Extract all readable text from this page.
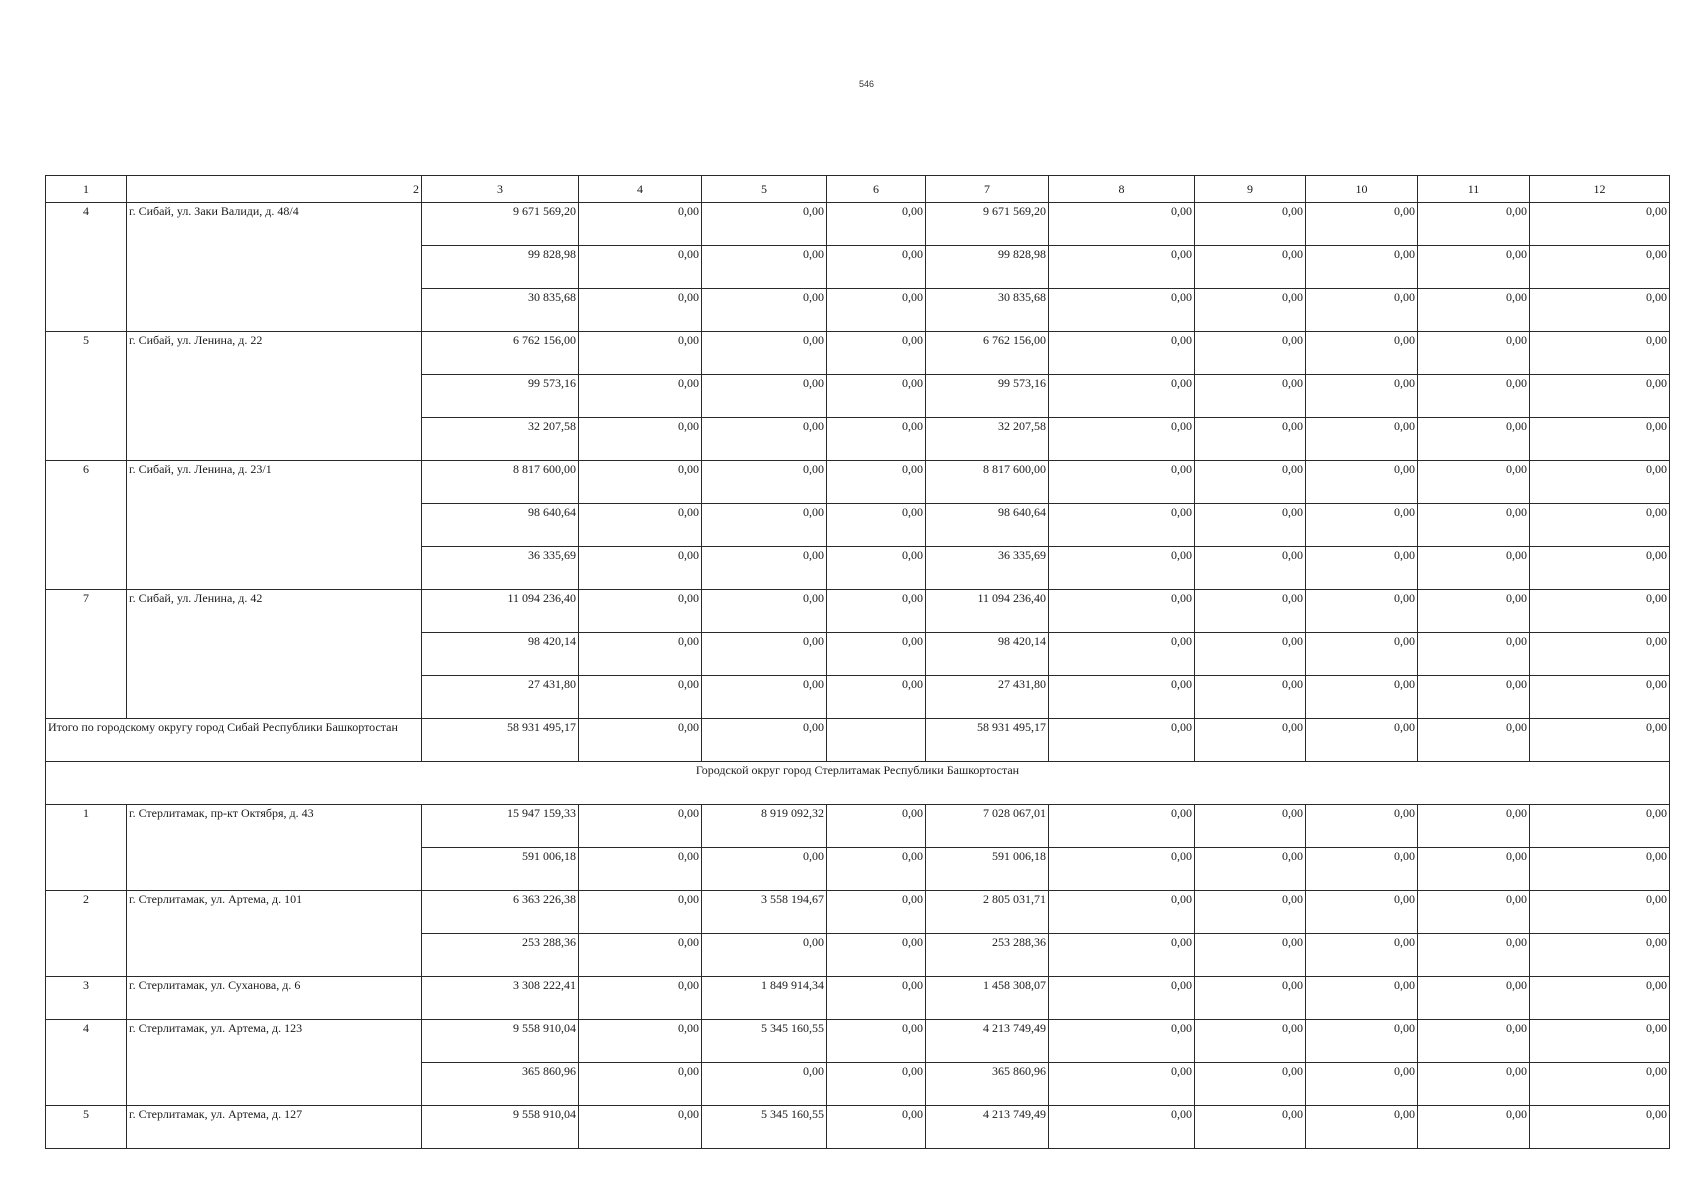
546
1	2	3	4	5	6	7	8	9	10	11	12
4	г. Сибай, ул. Заки Валиди, д. 48/4	9 671 569,20	0,00	0,00	0,00	9 671 569,20	0,00	0,00	0,00	0,00	0,00
		99 828,98	0,00	0,00	0,00	99 828,98	0,00	0,00	0,00	0,00	0,00
		30 835,68	0,00	0,00	0,00	30 835,68	0,00	0,00	0,00	0,00	0,00
5	г. Сибай, ул. Ленина, д. 22	6 762 156,00	0,00	0,00	0,00	6 762 156,00	0,00	0,00	0,00	0,00	0,00
		99 573,16	0,00	0,00	0,00	99 573,16	0,00	0,00	0,00	0,00	0,00
		32 207,58	0,00	0,00	0,00	32 207,58	0,00	0,00	0,00	0,00	0,00
6	г. Сибай, ул. Ленина, д. 23/1	8 817 600,00	0,00	0,00	0,00	8 817 600,00	0,00	0,00	0,00	0,00	0,00
		98 640,64	0,00	0,00	0,00	98 640,64	0,00	0,00	0,00	0,00	0,00
		36 335,69	0,00	0,00	0,00	36 335,69	0,00	0,00	0,00	0,00	0,00
7	г. Сибай, ул. Ленина, д. 42	11 094 236,40	0,00	0,00	0,00	11 094 236,40	0,00	0,00	0,00	0,00	0,00
		98 420,14	0,00	0,00	0,00	98 420,14	0,00	0,00	0,00	0,00	0,00
		27 431,80	0,00	0,00	0,00	27 431,80	0,00	0,00	0,00	0,00	0,00
Итого по городскому округу город Сибай Республики Башкортостан		58 931 495,17	0,00	0,00		58 931 495,17	0,00	0,00	0,00	0,00	0,00
Городской округ город Стерлитамак Республики Башкортостан											
1	г. Стерлитамак, пр-кт Октября, д. 43	15 947 159,33	0,00	8 919 092,32	0,00	7 028 067,01	0,00	0,00	0,00	0,00	0,00
		591 006,18	0,00	0,00	0,00	591 006,18	0,00	0,00	0,00	0,00	0,00
2	г. Стерлитамак, ул. Артема, д. 101	6 363 226,38	0,00	3 558 194,67	0,00	2 805 031,71	0,00	0,00	0,00	0,00	0,00
		253 288,36	0,00	0,00	0,00	253 288,36	0,00	0,00	0,00	0,00	0,00
3	г. Стерлитамак, ул. Суханова, д. 6	3 308 222,41	0,00	1 849 914,34	0,00	1 458 308,07	0,00	0,00	0,00	0,00	0,00
4	г. Стерлитамак, ул. Артема, д. 123	9 558 910,04	0,00	5 345 160,55	0,00	4 213 749,49	0,00	0,00	0,00	0,00	0,00
		365 860,96	0,00	0,00	0,00	365 860,96	0,00	0,00	0,00	0,00	0,00
5	г. Стерлитамак, ул. Артема, д. 127	9 558 910,04	0,00	5 345 160,55	0,00	4 213 749,49	0,00	0,00	0,00	0,00	0,00
